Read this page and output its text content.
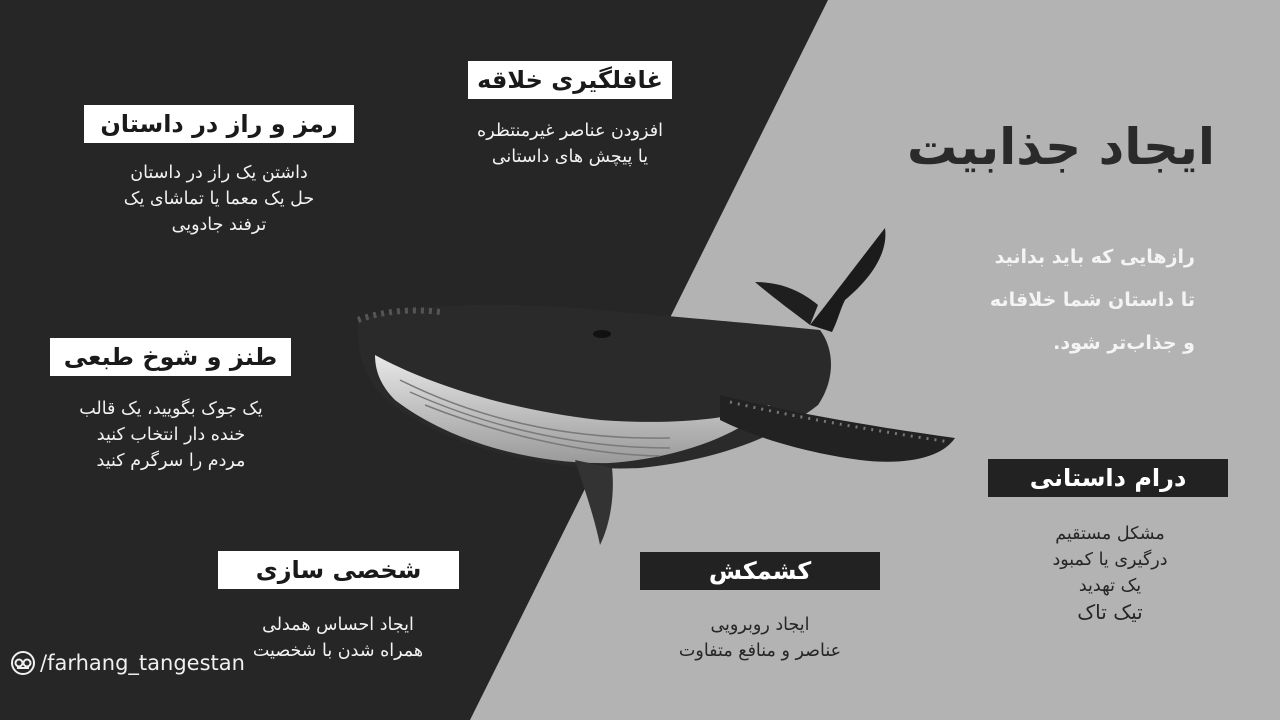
ایجاد جذابیت
رازهایی که باید بدانید
تا داستان شما خلاقانه
و جذاب‌تر شود.
غافلگیری خلاقه
افزودن عناصر غیرمنتظره
یا پیچش های داستانی
رمز و راز در داستان
داشتن یک راز در داستان
حل یک معما یا تماشای یک
ترفند جادویی
طنز و شوخ طبعی
یک جوک بگویید، یک قالب
خنده دار انتخاب کنید
مردم را سرگرم کنید
شخصی سازی
ایجاد احساس همدلی
همراه شدن با شخصیت
کشمکش
ایجاد روبرویی
عناصر و منافع متفاوت
درام داستانی
مشکل مستقیم
درگیری یا کمبود
یک تهدید
تیک تاک
/farhang_tangestan
